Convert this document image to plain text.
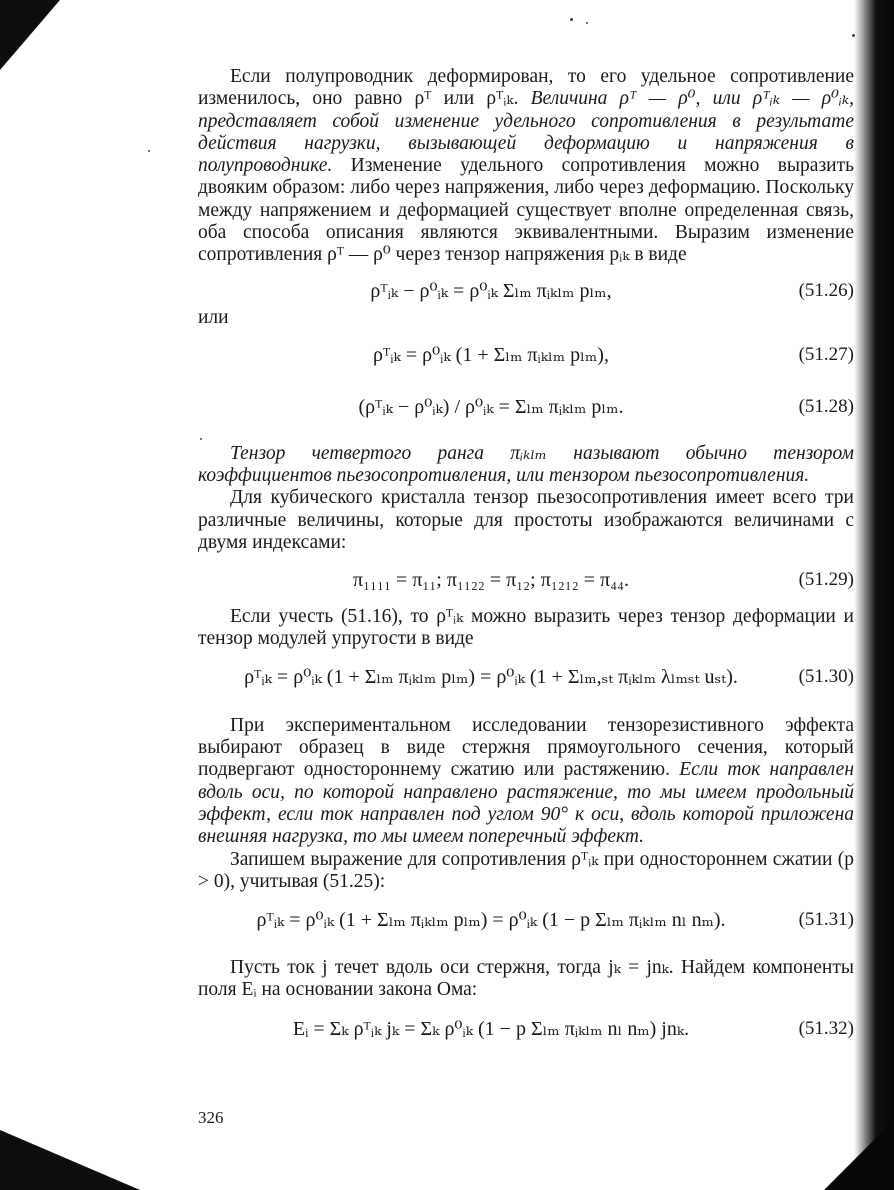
Если полупроводник деформирован, то его удельное сопротивление изменилось, оно равно ρᵀ или ρᵀᵢₖ. Величина ρᵀ — ρ⁰, или ρᵀᵢₖ — ρ⁰ᵢₖ, представляет собой изменение удельного сопротивления в результате действия нагрузки, вызывающей деформацию и напряжения в полупроводнике. Изменение удельного сопротивления можно выразить двояким образом: либо через напряжения, либо через деформацию. Поскольку между напряжением и деформацией существует вполне определенная связь, оба способа описания являются эквивалентными. Выразим изменение сопротивления ρᵀ — ρ⁰ через тензор напряжения pᵢₖ в виде

ρᵀᵢₖ − ρ⁰ᵢₖ = ρ⁰ᵢₖ Σₗₘ πᵢₖₗₘ pₗₘ,	(51.26)
или
ρᵀᵢₖ = ρ⁰ᵢₖ (1 + Σₗₘ πᵢₖₗₘ pₗₘ),	(51.27)
(ρᵀᵢₖ − ρ⁰ᵢₖ) / ρ⁰ᵢₖ = Σₗₘ πᵢₖₗₘ pₗₘ.	(51.28)

Тензор четвертого ранга πᵢₖₗₘ называют обычно тензором коэффициентов пьезосопротивления, или тензором пьезосопротивления.

Для кубического кристалла тензор пьезосопротивления имеет всего три различные величины, которые для простоты изображаются величинами с двумя индексами:

π₁₁₁₁ = π₁₁; π₁₁₂₂ = π₁₂; π₁₂₁₂ = π₄₄.	(51.29)

Если учесть (51.16), то ρᵀᵢₖ можно выразить через тензор деформации и тензор модулей упругости в виде

ρᵀᵢₖ = ρ⁰ᵢₖ (1 + Σₗₘ πᵢₖₗₘ pₗₘ) = ρ⁰ᵢₖ (1 + Σₗₘ,ₛₜ πᵢₖₗₘ λₗₘₛₜ uₛₜ).	(51.30)

При экспериментальном исследовании тензорезистивного эффекта выбирают образец в виде стержня прямоугольного сечения, который подвергают одностороннему сжатию или растяжению. Если ток направлен вдоль оси, по которой направлено растяжение, то мы имеем продольный эффект, если ток направлен под углом 90° к оси, вдоль которой приложена внешняя нагрузка, то мы имеем поперечный эффект.

Запишем выражение для сопротивления ρᵀᵢₖ при одностороннем сжатии (p > 0), учитывая (51.25):

ρᵀᵢₖ = ρ⁰ᵢₖ (1 + Σₗₘ πᵢₖₗₘ pₗₘ) = ρ⁰ᵢₖ (1 − p Σₗₘ πᵢₖₗₘ nₗ nₘ).	(51.31)

Пусть ток j течет вдоль оси стержня, тогда jₖ = jnₖ. Найдем компоненты поля Eᵢ на основании закона Ома:

Eᵢ = Σₖ ρᵀᵢₖ jₖ = Σₖ ρ⁰ᵢₖ (1 − p Σₗₘ πᵢₖₗₘ nₗ nₘ) jnₖ.	(51.32)
326
